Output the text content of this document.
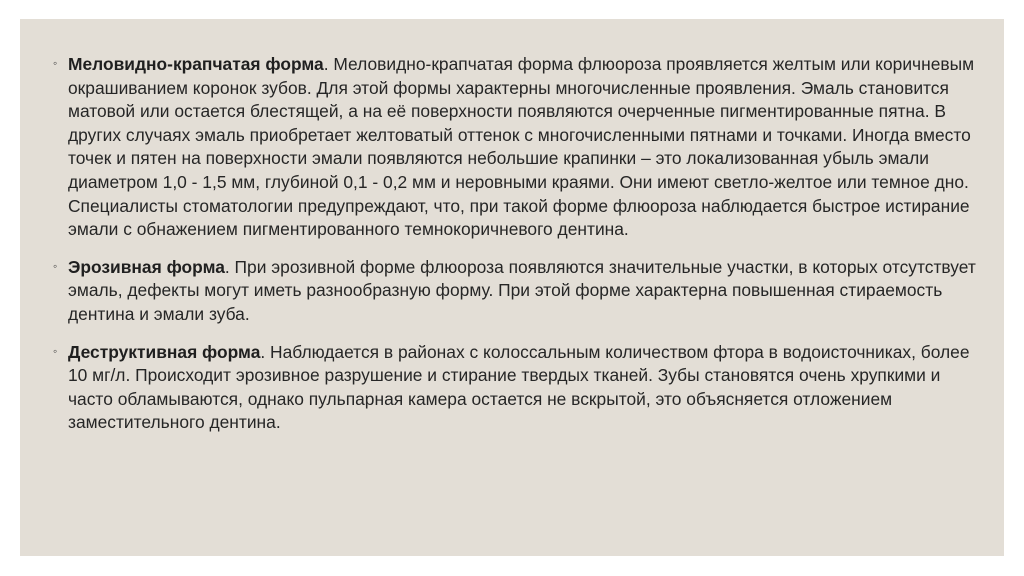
◦ Меловидно-крапчатая форма. Меловидно-крапчатая форма флюороза проявляется желтым или коричневым окрашиванием коронок зубов. Для этой формы характерны многочисленные проявления. Эмаль становится матовой или остается блестящей, а на её поверхности появляются очерченные пигментированные пятна. В других случаях эмаль приобретает желтоватый оттенок с многочисленными пятнами и точками. Иногда вместо точек и пятен на поверхности эмали появляются небольшие крапинки – это локализованная убыль эмали диаметром 1,0 - 1,5 мм, глубиной 0,1 - 0,2 мм и неровными краями. Они имеют светло-желтое или темное дно. Специалисты стоматологии предупреждают, что, при такой форме флюороза наблюдается быстрое истирание эмали с обнажением пигментированного темнокоричневого дентина.
◦ Эрозивная форма. При эрозивной форме флюороза появляются значительные участки, в которых отсутствует эмаль, дефекты могут иметь разнообразную форму. При этой форме характерна повышенная стираемость дентина и эмали зуба.
◦ Деструктивная форма. Наблюдается в районах с колоссальным количеством фтора в водоисточниках, более 10 мг/л. Происходит эрозивное разрушение и стирание твердых тканей. Зубы становятся очень хрупкими и часто обламываются, однако пульпарная камера остается не вскрытой, это объясняется отложением заместительного дентина.
